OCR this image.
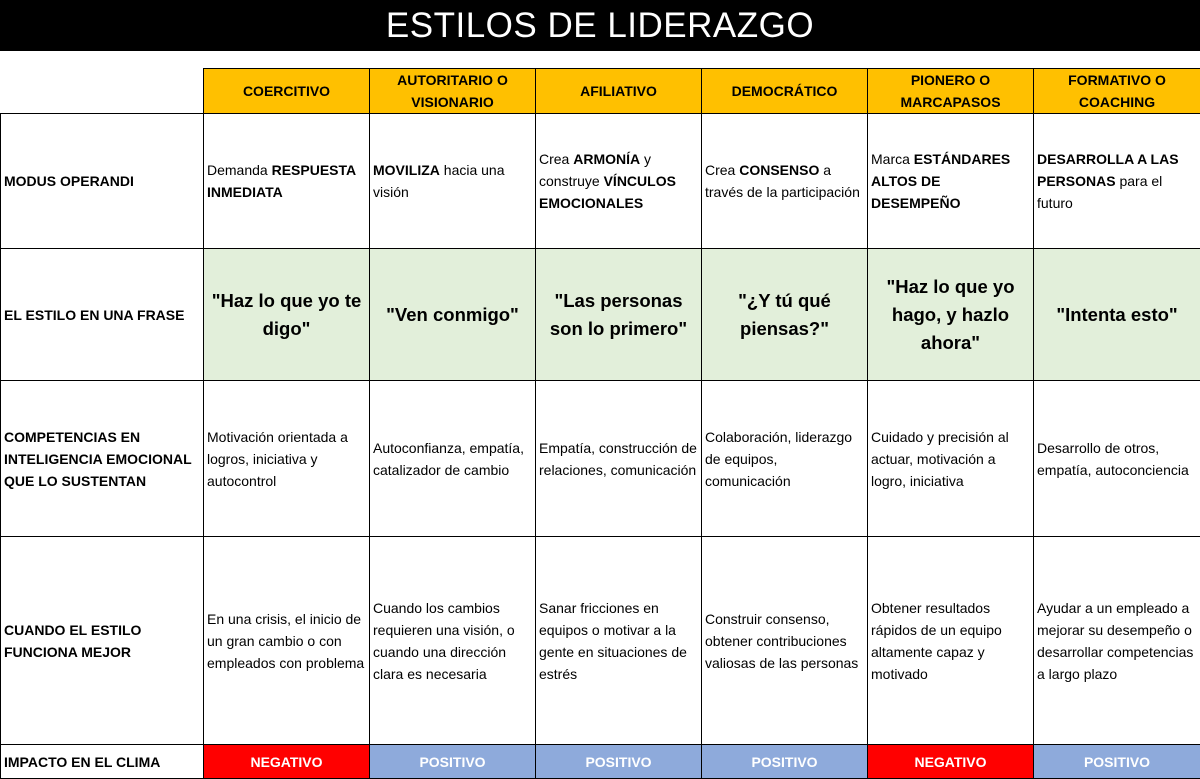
ESTILOS DE LIDERAZGO
	COERCITIVO	AUTORITARIO O VISIONARIO	AFILIATIVO	DEMOCRÁTICO	PIONERO O MARCAPASOS	FORMATIVO O COACHING
MODUS OPERANDI	Demanda RESPUESTA INMEDIATA	MOVILIZA hacia una visión	Crea ARMONÍA y construye VÍNCULOS EMOCIONALES	Crea CONSENSO a través de la participación	Marca ESTÁNDARES ALTOS DE DESEMPEÑO	DESARROLLA A LAS PERSONAS para el futuro
EL ESTILO EN UNA FRASE	"Haz lo que yo te digo"	"Ven conmigo"	"Las personas son lo primero"	"¿Y tú qué piensas?"	"Haz lo que yo hago, y hazlo ahora"	"Intenta esto"
COMPETENCIAS EN INTELIGENCIA EMOCIONAL QUE LO SUSTENTAN	Motivación orientada a logros, iniciativa y autocontrol	Autoconfianza, empatía, catalizador de cambio	Empatía, construcción de relaciones, comunicación	Colaboración, liderazgo de equipos, comunicación	Cuidado y precisión al actuar, motivación a logro, iniciativa	Desarrollo de otros, empatía, autoconciencia
CUANDO EL ESTILO FUNCIONA MEJOR	En una crisis, el inicio de un gran cambio o con empleados con problema	Cuando los cambios requieren una visión, o cuando una dirección clara es necesaria	Sanar fricciones en equipos o motivar a la gente en situaciones de estrés	Construir consenso, obtener contribuciones valiosas de las personas	Obtener resultados rápidos de un equipo altamente capaz y motivado	Ayudar a un empleado a mejorar su desempeño o desarrollar competencias a largo plazo
IMPACTO EN EL CLIMA	NEGATIVO	POSITIVO	POSITIVO	POSITIVO	NEGATIVO	POSITIVO
